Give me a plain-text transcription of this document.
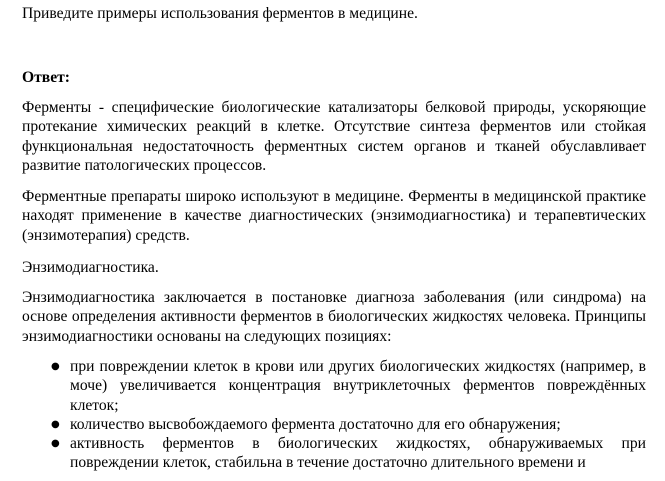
Приведите примеры использования ферментов в медицине.
Ответ:

Ферменты - специфические биологические катализаторы белковой природы, ускоряющие протекание химических реакций в клетке. Отсутствие синтеза ферментов или стойкая функциональная недостаточность ферментных систем органов и тканей обуславливает развитие патологических процессов.

Ферментные препараты широко используют в медицине. Ферменты в медицинской практике находят применение в качестве диагностических (энзимодиагностика) и терапевтических (энзимотерапия) средств.

Энзимодиагностика.

Энзимодиагностика заключается в постановке диагноза заболевания (или синдрома) на основе определения активности ферментов в биологических жидкостях человека. Принципы энзимодиагностики основаны на следующих позициях:

● при повреждении клеток в крови или других биологических жидкостях (например, в моче) увеличивается концентрация внутриклеточных ферментов повреждённых клеток;
● количество высвобождаемого фермента достаточно для его обнаружения;
● активность ферментов в биологических жидкостях, обнаруживаемых при повреждении клеток, стабильна в течение достаточно длительного времени и
